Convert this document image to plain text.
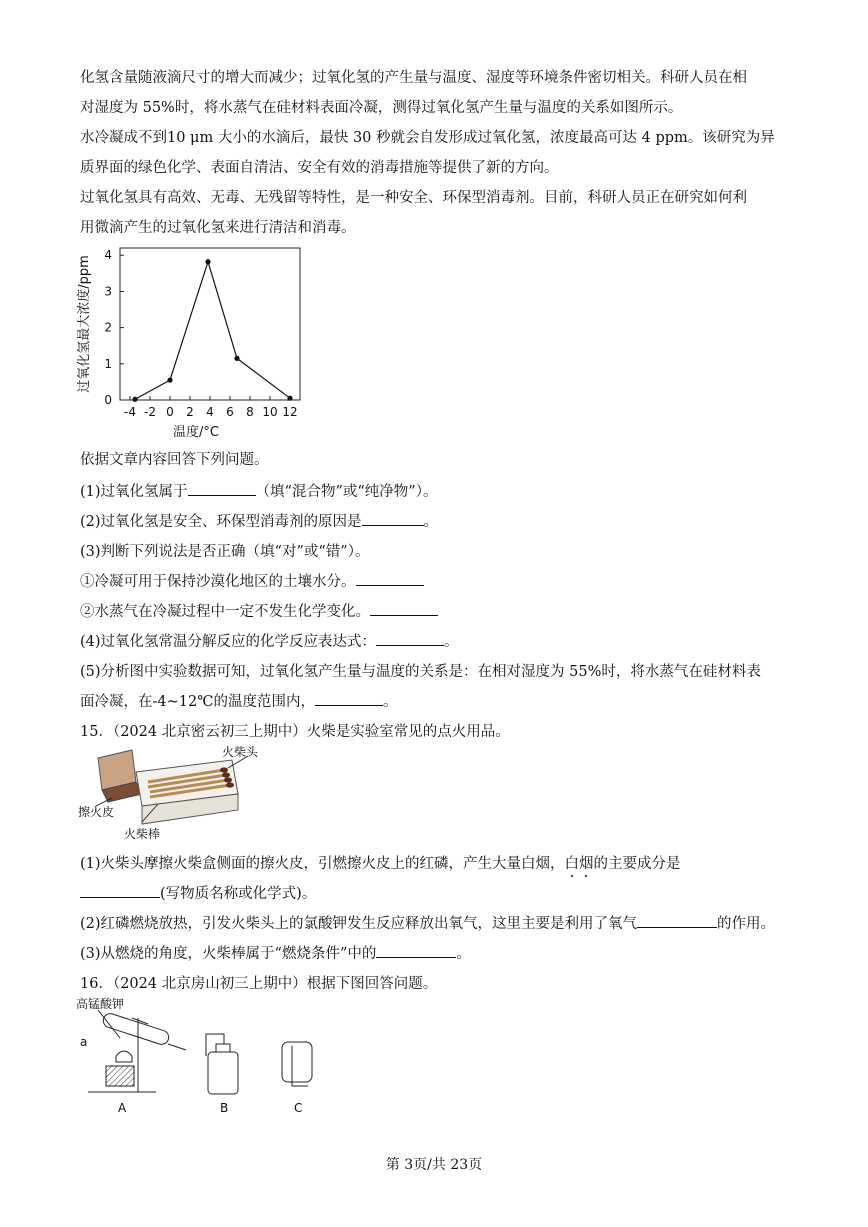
化氢含量随液滴尺寸的增大而减少；过氧化氢的产生量与温度、湿度等环境条件密切相关。科研人员在相
对湿度为 55%时，将水蒸气在硅材料表面冷凝，测得过氧化氢产生量与温度的关系如图所示。
水冷凝成不到10 μm 大小的水滴后，最快 30 秒就会自发形成过氧化氢，浓度最高可达 4 ppm。该研究为异
质界面的绿色化学、表面自清洁、安全有效的消毒措施等提供了新的方向。
过氧化氢具有高效、无毒、无残留等特性，是一种安全、环保型消毒剂。目前，科研人员正在研究如何利
用微滴产生的过氧化氢来进行清洁和消毒。
0
1
2
3
4
-4 -2 0 2 4 6 8 10 12
过氧化氢最大浓度/ppm
温度/°C
依据文章内容回答下列问题。
(1)过氧化氢属于	（填“混合物”或“纯净物”）。
(2)过氧化氢是安全、环保型消毒剂的原因是	。
(3)判断下列说法是否正确（填“对”或“错”）。
①冷凝可用于保持沙漠化地区的土壤水分。
②水蒸气在冷凝过程中一定不发生化学变化。
(4)过氧化氢常温分解反应的化学反应表达式：	。
(5)分析图中实验数据可知，过氧化氢产生量与温度的关系是：在相对湿度为 55%时，将水蒸气在硅材料表
面冷凝，在-4~12℃的温度范围内，	。
15．（2024 北京密云初三上期中）火柴是实验室常见的点火用品。
火柴头
擦火皮
火柴棒
(1)火柴头摩擦火柴盒侧面的擦火皮，引燃擦火皮上的红磷，产生大量白烟，白烟的主要成分是
(写物质名称或化学式)。
(2)红磷燃烧放热，引发火柴头上的氯酸钾发生反应释放出氧气，这里主要是利用了氧气	的作用。
(3)从燃烧的角度，火柴棒属于“燃烧条件”中的	。
16．（2024 北京房山初三上期中）根据下图回答问题。
高锰酸钾
a
A	B	C
第 3页/共 23页
